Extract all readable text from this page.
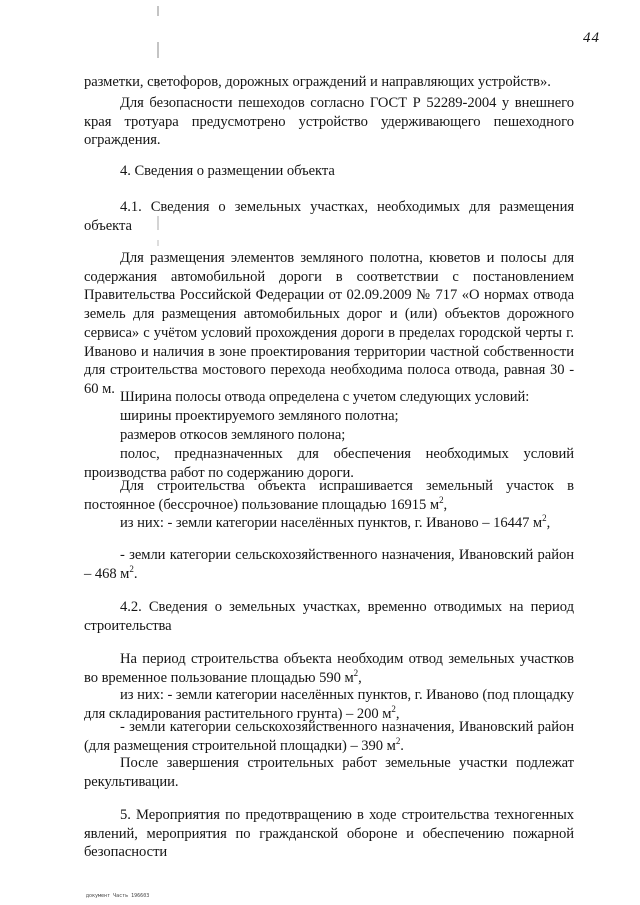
44
разметки, светофоров, дорожных ограждений и направляющих устройств».
Для безопасности пешеходов согласно ГОСТ Р 52289-2004 у внешнего края тротуара предусмотрено устройство удерживающего пешеходного ограждения.
4. Сведения о размещении объекта
4.1. Сведения о земельных участках, необходимых для размещения объекта
Для размещения элементов земляного полотна, кюветов и полосы для содержания автомобильной дороги в соответствии с постановлением Правительства Российской Федерации от 02.09.2009 № 717 «О нормах отвода земель для размещения автомобильных дорог и (или) объектов дорожного сервиса» с учётом условий прохождения дороги в пределах городской черты г. Иваново и наличия в зоне проектирования территории частной собственности для строительства мостового перехода необходима полоса отвода, равная 30 - 60 м.
Ширина полосы отвода определена с учетом следующих условий:
ширины проектируемого земляного полотна;
размеров откосов земляного полона;
полос, предназначенных для обеспечения необходимых условий производства работ по содержанию дороги.
Для строительства объекта испрашивается земельный участок в постоянное (бессрочное) пользование площадью 16915 $м^2$,
из них: - земли категории населённых пунктов, г. Иваново – 16447 $м^2$,
- земли категории сельскохозяйственного назначения, Ивановский район – 468 $м^2$.
4.2. Сведения о земельных участках, временно отводимых на период строительства
На период строительства объекта необходим отвод земельных участков во временное пользование площадью 590 $м^2$,
из них: - земли категории населённых пунктов, г. Иваново (под площадку для складирования растительного грунта) – 200 $м^2$,
- земли категории сельскохозяйственного назначения, Ивановский район (для размещения строительной площадки) – 390 $м^2$.
После завершения строительных работ земельные участки подлежат рекультивации.
5. Мероприятия по предотвращению в ходе строительства техногенных явлений, мероприятия по гражданской обороне и обеспечению пожарной безопасности
документ Часть 196603
